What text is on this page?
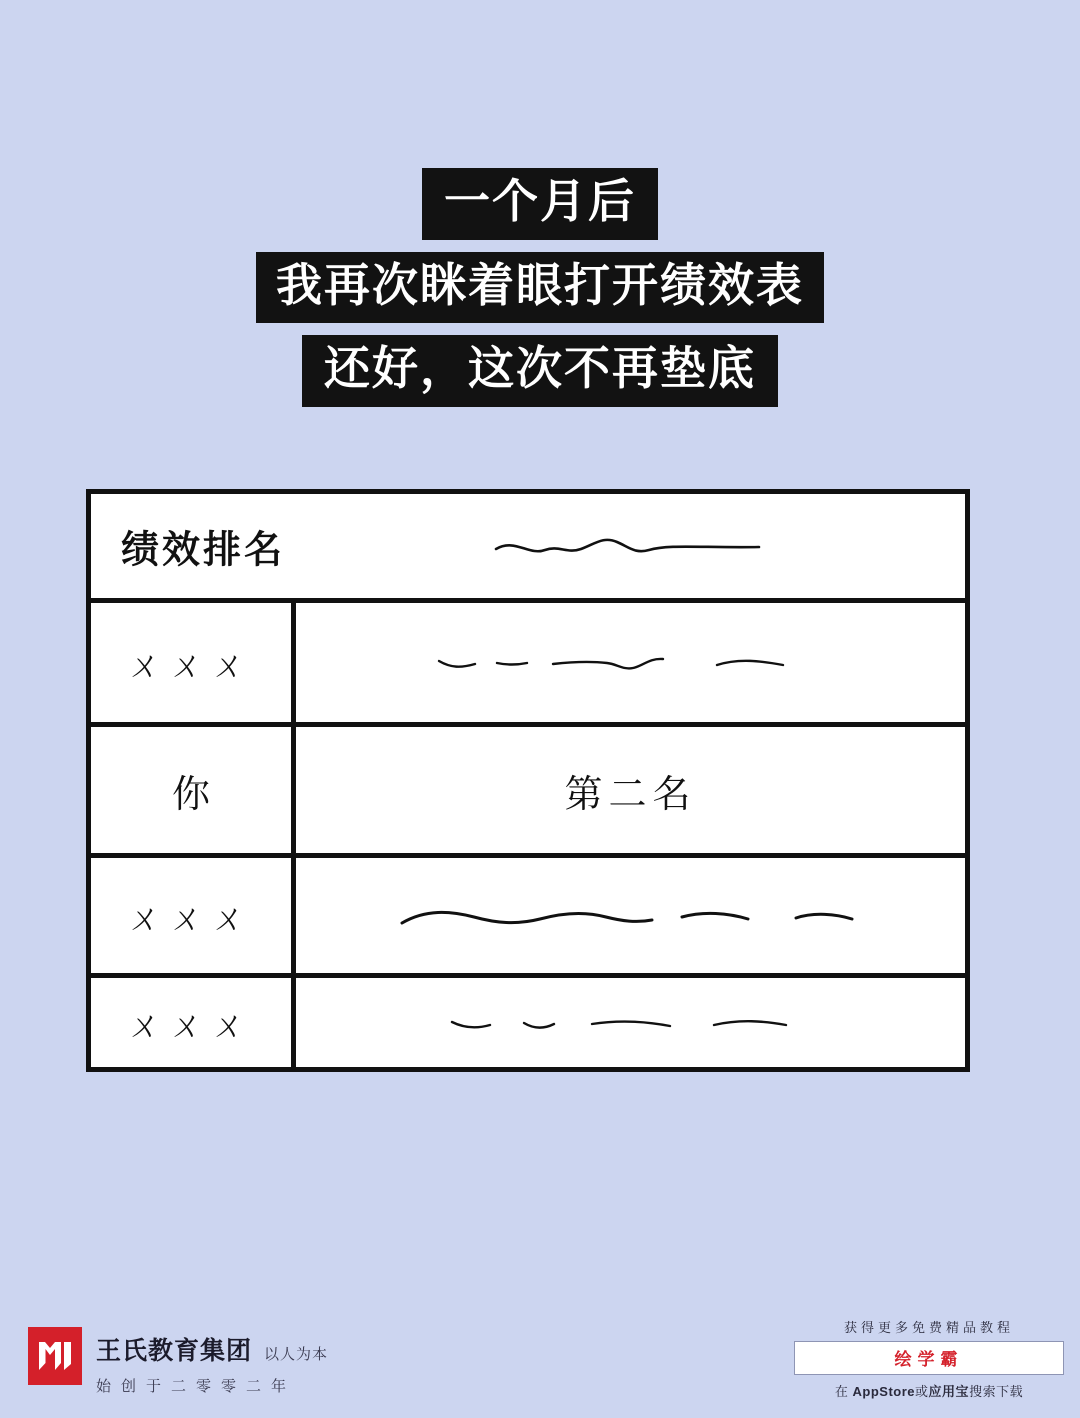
一个月后
我再次眯着眼打开绩效表
还好，这次不再垫底
绩效排名
ㄨㄨㄨ
你	第二名
ㄨㄨㄨ
ㄨㄨㄨ
王氏教育集团 以人为本
始创于二零零二年
获得更多免费精品教程
绘学霸
在 AppStore或应用宝搜索下载
